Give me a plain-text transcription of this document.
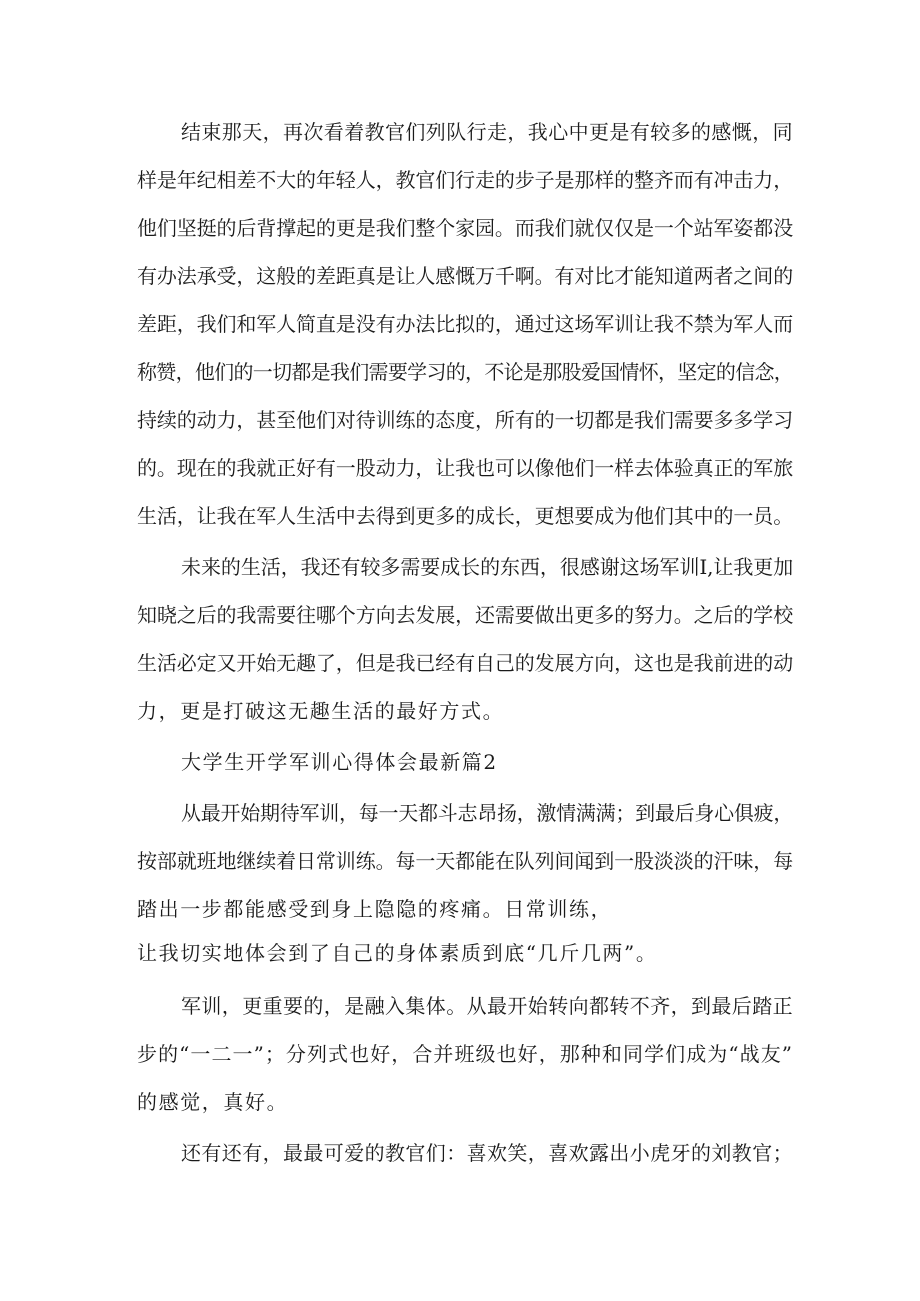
结束那天，再次看着教官们列队行走，我心中更是有较多的感慨，同
样是年纪相差不大的年轻人，教官们行走的步子是那样的整齐而有冲击力，
他们坚挺的后背撑起的更是我们整个家园。而我们就仅仅是一个站军姿都没
有办法承受，这般的差距真是让人感慨万千啊。有对比才能知道两者之间的
差距，我们和军人简直是没有办法比拟的，通过这场军训让我不禁为军人而
称赞，他们的一切都是我们需要学习的，不论是那股爱国情怀，坚定的信念，
持续的动力，甚至他们对待训练的态度，所有的一切都是我们需要多多学习
的。现在的我就正好有一股动力，让我也可以像他们一样去体验真正的军旅
生活，让我在军人生活中去得到更多的成长，更想要成为他们其中的一员。
未来的生活，我还有较多需要成长的东西，很感谢这场军训I,让我更加
知晓之后的我需要往哪个方向去发展，还需要做出更多的努力。之后的学校
生活必定又开始无趣了，但是我已经有自己的发展方向，这也是我前进的动
力，更是打破这无趣生活的最好方式。
大学生开学军训心得体会最新篇2
从最开始期待军训，每一天都斗志昂扬，激情满满；到最后身心俱疲，
按部就班地继续着日常训练。每一天都能在队列间闻到一股淡淡的汗味，每
踏出一步都能感受到身上隐隐的疼痛。日常训练，
让我切实地体会到了自己的身体素质到底“几斤几两”。
军训，更重要的，是融入集体。从最开始转向都转不齐，到最后踏正
步的“一二一”；分列式也好，合并班级也好，那种和同学们成为“战友”
的感觉，真好。
还有还有，最最可爱的教官们：喜欢笑，喜欢露出小虎牙的刘教官；
